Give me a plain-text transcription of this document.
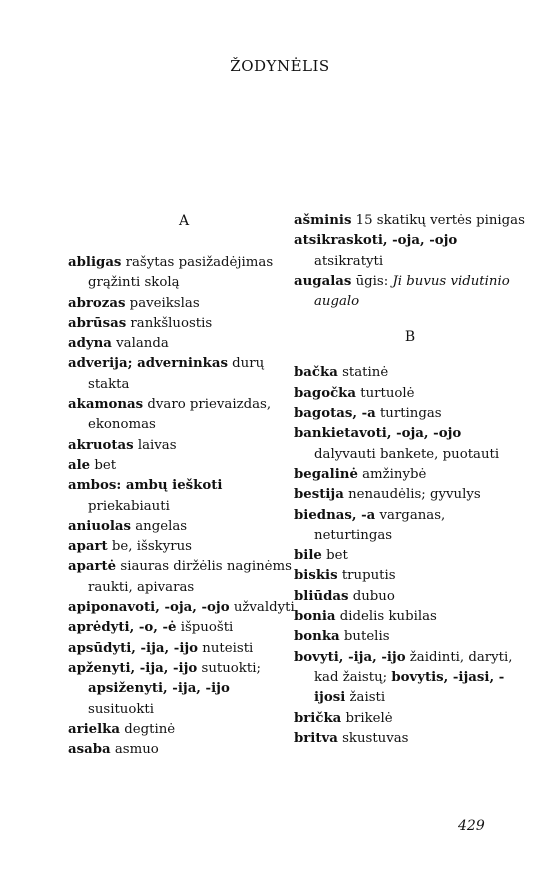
ŽODYNĖLIS
A
abligas rašytas pasižadėjimas grąžinti skolą
abrozas paveikslas
abrūsas rankšluostis
adyna valanda
adverija; adverninkas durų stakta
akamonas dvaro prievaizdas, ekonomas
akruotas laivas
ale bet
ambos: ambų ieškoti priekabiauti
aniuolas angelas
apart be, išskyrus
apartė siauras diržėlis naginėms raukti, apivaras
apiponavoti, -oja, -ojo užvaldyti
aprėdyti, -o, -ė išpuošti
apsūdyti, -ija, -ijo nuteisti
apženyti, -ija, -ijo sutuokti; apsiženyti, -ija, -ijo susituokti
arielka degtinė
asaba asmuo
ašminis 15 skatikų vertės pinigas
atsikraskoti, -oja, -ojo atsikratyti
augalas ūgis: Ji buvus vidutinio augalo
B
bačka statinė
bagočka turtuolė
bagotas, -a turtingas
bankietavoti, -oja, -ojo dalyvauti bankete, puotauti
begalinė amžinybė
bestija nenaudėlis; gyvulys
biednas, -a varganas, neturtingas
bile bet
biskis truputis
bliūdas dubuo
bonia didelis kubilas
bonka butelis
bovyti, -ija, -ijo žaidinti, daryti, kad žaistų; bovytis, -ijasi, -ijosi žaisti
brička brikelė
britva skustuvas
429
